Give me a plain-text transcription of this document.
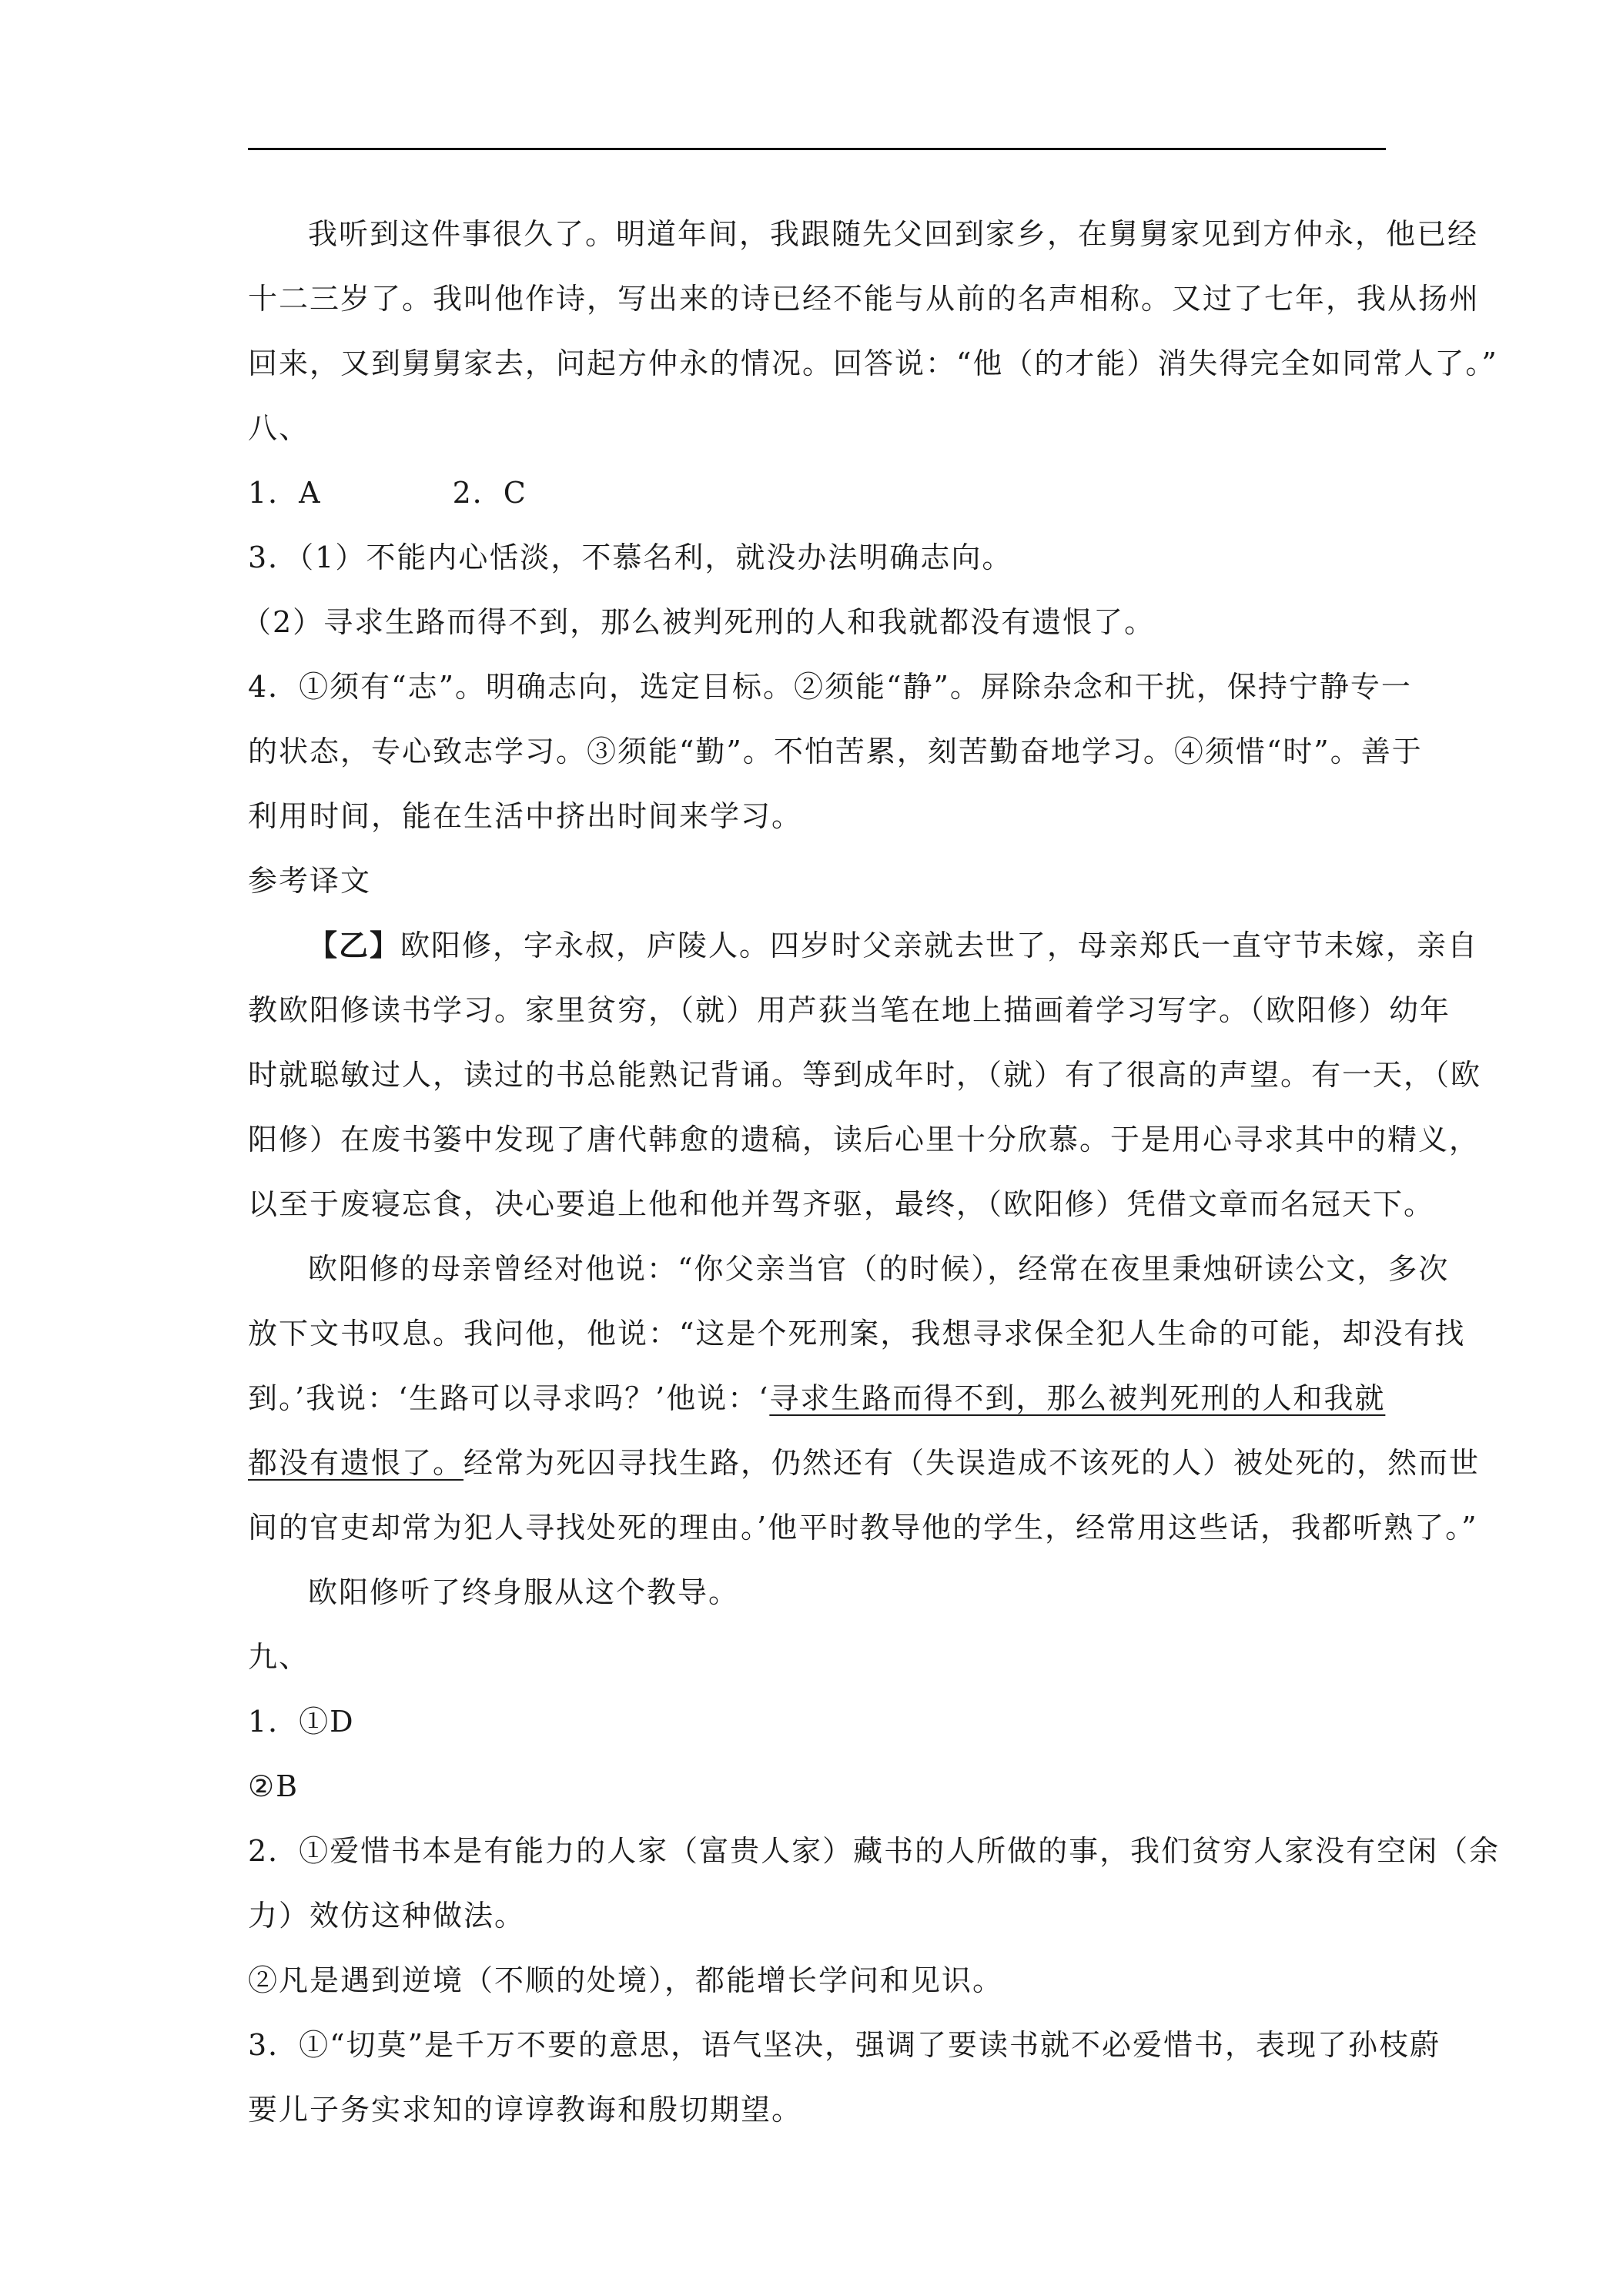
我听到这件事很久了。明道年间，我跟随先父回到家乡，在舅舅家见到方仲永，他已经
十二三岁了。我叫他作诗，写出来的诗已经不能与从前的名声相称。又过了七年，我从扬州
回来，又到舅舅家去，问起方仲永的情况。回答说：“他（的才能）消失得完全如同常人了。”
八、
1．A	2．C
3．（1）不能内心恬淡，不慕名利，就没办法明确志向。
（2）寻求生路而得不到，那么被判死刑的人和我就都没有遗恨了。
4．①须有“志”。明确志向，选定目标。②须能“静”。屏除杂念和干扰，保持宁静专一
的状态，专心致志学习。③须能“勤”。不怕苦累，刻苦勤奋地学习。④须惜“时”。善于
利用时间，能在生活中挤出时间来学习。
参考译文
【乙】欧阳修，字永叔，庐陵人。四岁时父亲就去世了，母亲郑氏一直守节未嫁，亲自
教欧阳修读书学习。家里贫穷，（就）用芦荻当笔在地上描画着学习写字。（欧阳修）幼年
时就聪敏过人，读过的书总能熟记背诵。等到成年时，（就）有了很高的声望。有一天，（欧
阳修）在废书篓中发现了唐代韩愈的遗稿，读后心里十分欣慕。于是用心寻求其中的精义，
以至于废寝忘食，决心要追上他和他并驾齐驱，最终，（欧阳修）凭借文章而名冠天下。
欧阳修的母亲曾经对他说：“你父亲当官（的时候），经常在夜里秉烛研读公文，多次
放下文书叹息。我问他，他说：“这是个死刑案，我想寻求保全犯人生命的可能，却没有找
到。’我说：‘生路可以寻求吗？’他说：‘寻求生路而得不到，那么被判死刑的人和我就
都没有遗恨了。经常为死囚寻找生路，仍然还有（失误造成不该死的人）被处死的，然而世
间的官吏却常为犯人寻找处死的理由。’他平时教导他的学生，经常用这些话，我都听熟了。”
欧阳修听了终身服从这个教导。
九、
1．①D
②B
2．①爱惜书本是有能力的人家（富贵人家）藏书的人所做的事，我们贫穷人家没有空闲（余
力）效仿这种做法。
②凡是遇到逆境（不顺的处境），都能增长学问和见识。
3．①“切莫”是千万不要的意思，语气坚决，强调了要读书就不必爱惜书，表现了孙枝蔚
要儿子务实求知的谆谆教诲和殷切期望。
